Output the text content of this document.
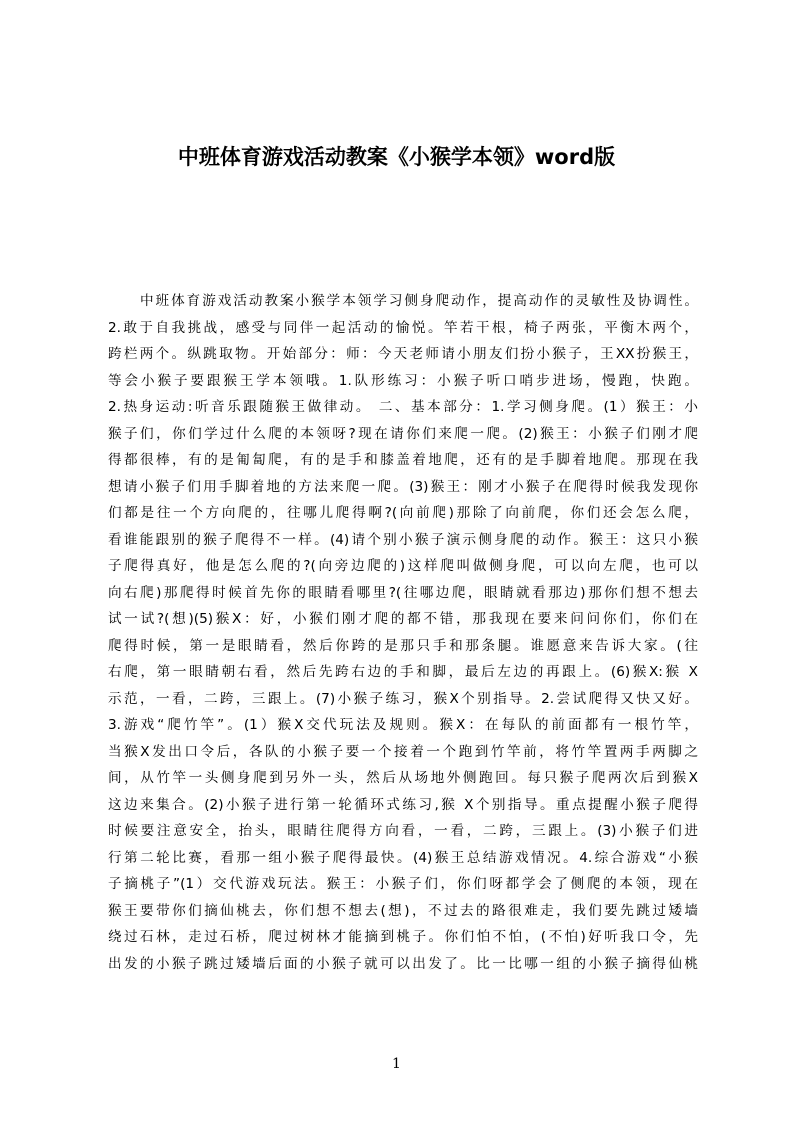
中班体育游戏活动教案《小猴学本领》word版
中班体育游戏活动教案小猴学本领学习侧身爬动作，提高动作的灵敏性及协调性。
2.敢于自我挑战，感受与同伴一起活动的愉悦。竿若干根，椅子两张，平衡木两个，
跨栏两个。纵跳取物。开始部分：师：今天老师请小朋友们扮小猴子，王XX扮猴王，
等会小猴子要跟猴王学本领哦。1.队形练习：小猴子听口哨步进场，慢跑，快跑。
2.热身运动:听音乐跟随猴王做律动。 二、基本部分：1.学习侧身爬。(1）猴王：小
猴子们，你们学过什么爬的本领呀?现在请你们来爬一爬。(2)猴王：小猴子们刚才爬
得都很棒，有的是匍匐爬，有的是手和膝盖着地爬，还有的是手脚着地爬。那现在我
想请小猴子们用手脚着地的方法来爬一爬。(3)猴王：刚才小猴子在爬得时候我发现你
们都是往一个方向爬的，往哪儿爬得啊?(向前爬)那除了向前爬，你们还会怎么爬，
看谁能跟别的猴子爬得不一样。(4)请个别小猴子演示侧身爬的动作。猴王：这只小猴
子爬得真好，他是怎么爬的?(向旁边爬的)这样爬叫做侧身爬，可以向左爬，也可以
向右爬)那爬得时候首先你的眼睛看哪里?(往哪边爬，眼睛就看那边)那你们想不想去
试一试?(想)(5)猴X：好，小猴们刚才爬的都不错，那我现在要来问问你们，你们在
爬得时候，第一是眼睛看，然后你跨的是那只手和那条腿。谁愿意来告诉大家。(往
右爬，第一眼睛朝右看，然后先跨右边的手和脚，最后左边的再跟上。(6)猴X:猴 X
示范，一看，二跨，三跟上。(7)小猴子练习，猴X个别指导。2.尝试爬得又快又好。
3.游戏“爬竹竿”。(1）猴X交代玩法及规则。猴X：在每队的前面都有一根竹竿，
当猴X发出口令后，各队的小猴子要一个接着一个跑到竹竿前，将竹竿置两手两脚之
间，从竹竿一头侧身爬到另外一头，然后从场地外侧跑回。每只猴子爬两次后到猴X
这边来集合。(2)小猴子进行第一轮循环式练习,猴 X个别指导。重点提醒小猴子爬得
时候要注意安全，抬头，眼睛往爬得方向看，一看，二跨，三跟上。(3)小猴子们进
行第二轮比赛，看那一组小猴子爬得最快。(4)猴王总结游戏情况。4.综合游戏“小猴
子摘桃子”(1）交代游戏玩法。猴王：小猴子们，你们呀都学会了侧爬的本领，现在
猴王要带你们摘仙桃去，你们想不想去(想)，不过去的路很难走，我们要先跳过矮墙
绕过石林，走过石桥，爬过树林才能摘到桃子。你们怕不怕，(不怕)好听我口令，先
出发的小猴子跳过矮墙后面的小猴子就可以出发了。比一比哪一组的小猴子摘得仙桃
1
